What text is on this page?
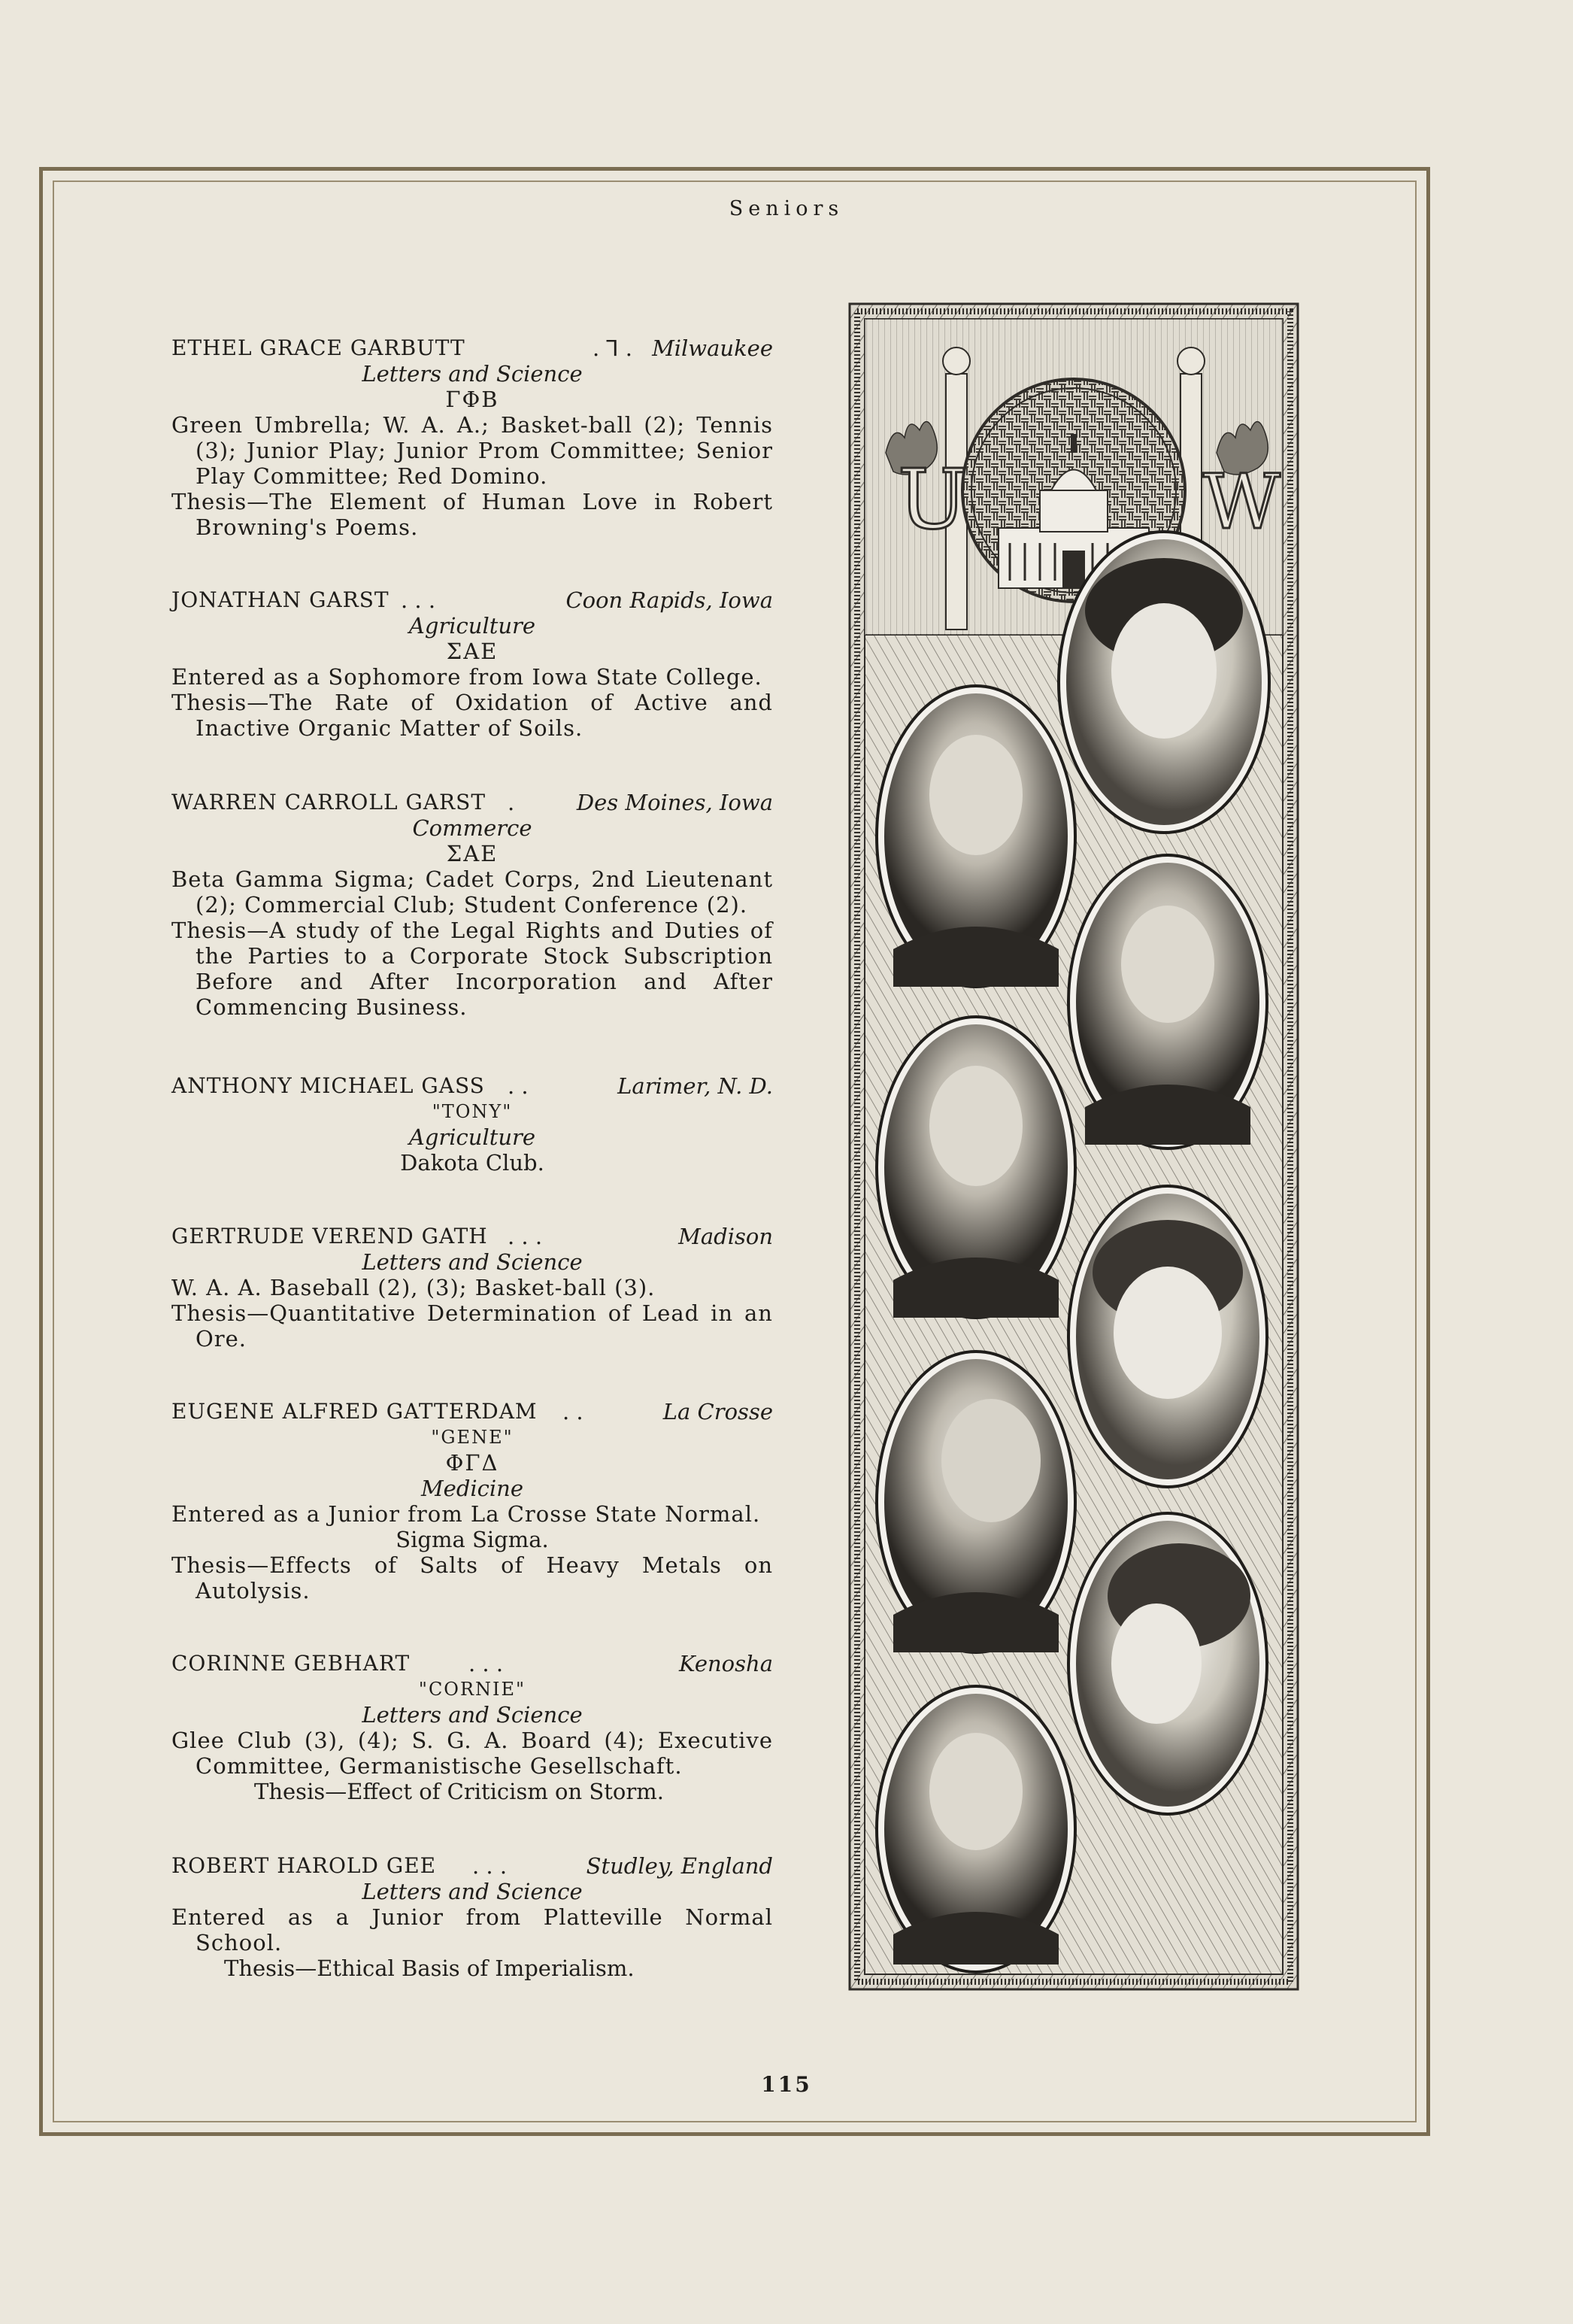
Seniors
ETHEL GRACE GARBUTT	. ⅂ . Milwaukee
Letters and Science
ΓΦΒ
Green Umbrella; W. A. A.; Basket-ball (2); Tennis (3); Junior Play; Junior Prom Committee; Senior Play Committee; Red Domino.
Thesis—The Element of Human Love in Robert Browning's Poems.
JONATHAN GARST . . .	Coon Rapids, Iowa
Agriculture
ΣΑΕ
Entered as a Sophomore from Iowa State College.
Thesis—The Rate of Oxidation of Active and Inactive Organic Matter of Soils.
WARREN CARROLL GARST .	Des Moines, Iowa
Commerce
ΣΑΕ
Beta Gamma Sigma; Cadet Corps, 2nd Lieutenant (2); Commercial Club; Student Conference (2).
Thesis—A study of the Legal Rights and Duties of the Parties to a Corporate Stock Subscription Before and After Incorporation and After Commencing Business.
ANTHONY MICHAEL GASS . .	Larimer, N. D.
"TONY"
Agriculture
Dakota Club.
GERTRUDE VEREND GATH . . .	Madison
Letters and Science
W. A. A. Baseball (2), (3); Basket-ball (3).
Thesis—Quantitative Determination of Lead in an Ore.
EUGENE ALFRED GATTERDAM . .	La Crosse
"GENE"
ΦΓΔ
Medicine
Entered as a Junior from La Crosse State Normal.
Sigma Sigma.
Thesis—Effects of Salts of Heavy Metals on Autolysis.
CORINNE GEBHART	. . .	Kenosha
"CORNIE"
Letters and Science
Glee Club (3), (4); S. G. A. Board (4); Executive Committee, Germanistische Gesellschaft.
Thesis—Effect of Criticism on Storm.
ROBERT HAROLD GEE . . .	Studley, England
Letters and Science
Entered as a Junior from Platteville Normal School.
Thesis—Ethical Basis of Imperialism.
U	W
115
